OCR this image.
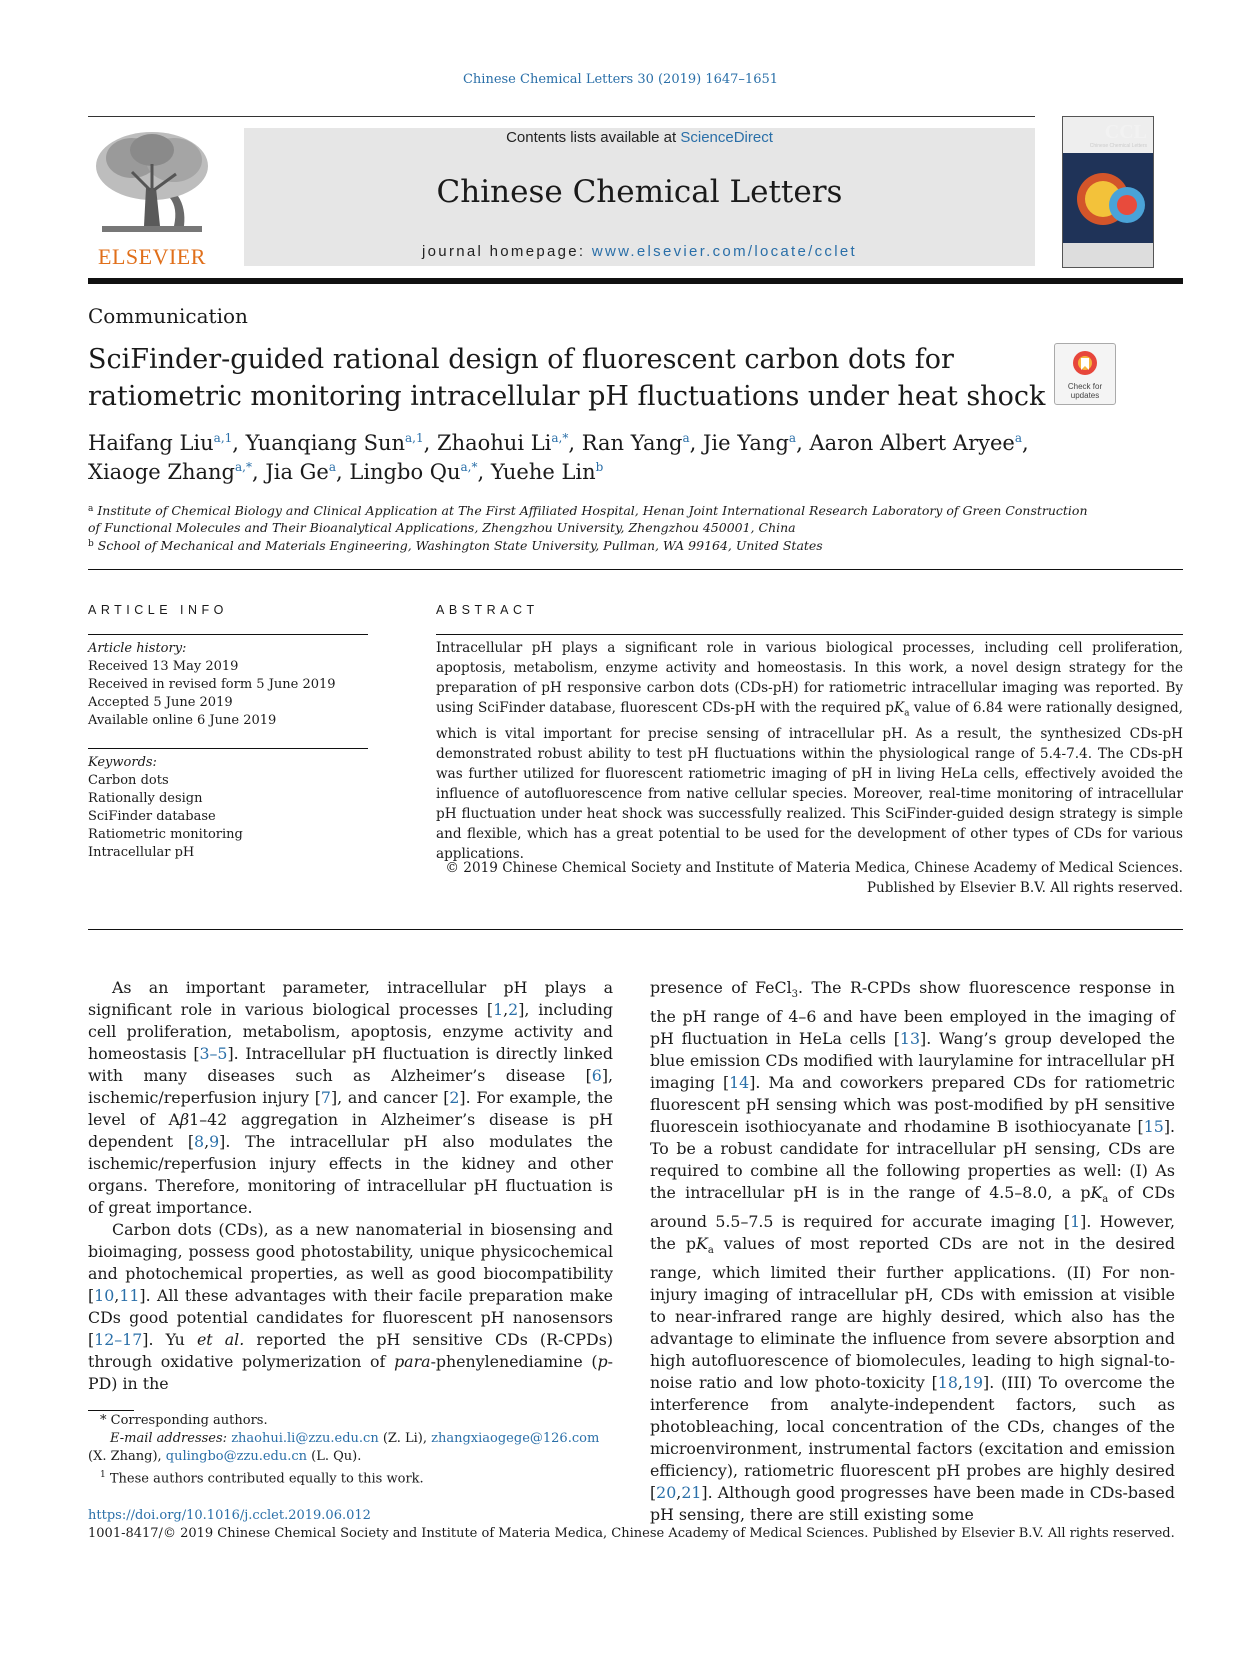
Chinese Chemical Letters 30 (2019) 1647–1651
ELSEVIER
Contents lists available at ScienceDirect
Chinese Chemical Letters
journal homepage: www.elsevier.com/locate/cclet
CCL
Chinese Chemical Letters
Communication
SciFinder-guided rational design of fluorescent carbon dots for ratiometric monitoring intracellular pH fluctuations under heat shock	Check for updates
Haifang Liu$^{a,1}$, Yuanqiang Sun$^{a,1}$, Zhaohui $Li^{a,*}$, Ran Yang$^a$, Jie Yang$^a$, Aaron Albert Aryee$^a$,
Xiaoge Zhang$^{a,*}$, Jia Ge$^a$, Lingbo $Qu^{a,*}$, Yuehe Lin$^b$
$^a$ Institute of Chemical Biology and Clinical Application at The First Affiliated Hospital, Henan Joint International Research Laboratory of Green Construction of Functional Molecules and Their Bioanalytical Applications, Zhengzhou University, Zhengzhou 450001, China
$^b$ School of Mechanical and Materials Engineering, Washington State University, Pullman, WA 99164, United States
ARTICLE INFO
Article history:
Received 13 May 2019
Received in revised form 5 June 2019
Accepted 5 June 2019
Available online 6 June 2019
Keywords:
Carbon dots
Rationally design
SciFinder database
Ratiometric monitoring
Intracellular pH
ABSTRACT
Intracellular pH plays a significant role in various biological processes, including cell proliferation, apoptosis, metabolism, enzyme activity and homeostasis. In this work, a novel design strategy for the preparation of pH responsive carbon dots (CDs-pH) for ratiometric intracellular imaging was reported. By using SciFinder database, fluorescent CDs-pH with the required $pK_a$ value of 6.84 were rationally designed, which is vital important for precise sensing of intracellular pH. As a result, the synthesized CDs-pH demonstrated robust ability to test pH fluctuations within the physiological range of 5.4-7.4. The CDs-pH was further utilized for fluorescent ratiometric imaging of pH in living HeLa cells, effectively avoided the influence of autofluorescence from native cellular species. Moreover, real-time monitoring of intracellular pH fluctuation under heat shock was successfully realized. This SciFinder-guided design strategy is simple and flexible, which has a great potential to be used for the development of other types of CDs for various applications.
© 2019 Chinese Chemical Society and Institute of Materia Medica, Chinese Academy of Medical Sciences.
Published by Elsevier B.V. All rights reserved.

As an important parameter, intracellular pH plays a significant role in various biological processes [1,2], including cell proliferation, metabolism, apoptosis, enzyme activity and homeostasis [3–5]. Intracellular pH fluctuation is directly linked with many diseases such as Alzheimer’s disease [6], ischemic/reperfusion injury [7], and cancer [2]. For example, the level of Aβ1–42 aggregation in Alzheimer’s disease is pH dependent [8,9]. The intracellular pH also modulates the ischemic/reperfusion injury effects in the kidney and other organs. Therefore, monitoring of intracellular pH fluctuation is of great importance.

Carbon dots (CDs), as a new nanomaterial in biosensing and bioimaging, possess good photostability, unique physicochemical and photochemical properties, as well as good biocompatibility [10,11]. All these advantages with their facile preparation make CDs good potential candidates for fluorescent pH nanosensors [12–17]. Yu et al. reported the pH sensitive CDs (R-CPDs) through oxidative polymerization of para-phenylenediamine (p-PD) in the

presence of FeCl$_3$. The R-CPDs show fluorescence response in the pH range of 4–6 and have been employed in the imaging of pH fluctuation in HeLa cells [13]. Wang’s group developed the blue emission CDs modified with laurylamine for intracellular pH imaging [14]. Ma and coworkers prepared CDs for ratiometric fluorescent pH sensing which was post-modified by pH sensitive fluorescein isothiocyanate and rhodamine B isothiocyanate [15]. To be a robust candidate for intracellular pH sensing, CDs are required to combine all the following properties as well: (I) As the intracellular pH is in the range of 4.5–8.0, a $pK_a$ of CDs around 5.5–7.5 is required for accurate imaging [1]. However, the $pK_a$ values of most reported CDs are not in the desired range, which limited their further applications. (II) For non-injury imaging of intracellular pH, CDs with emission at visible to near-infrared range are highly desired, which also has the advantage to eliminate the influence from severe absorption and high autofluorescence of biomolecules, leading to high signal-to-noise ratio and low photo-toxicity [18,19]. (III) To overcome the interference from analyte-independent factors, such as photobleaching, local concentration of the CDs, changes of the microenvironment, instrumental factors (excitation and emission efficiency), ratiometric fluorescent pH probes are highly desired [20,21]. Although good progresses have been made in CDs-based pH sensing, there are still existing some

* Corresponding authors.
E-mail addresses: zhaohui.li@zzu.edu.cn (Z. Li), zhangxiaogege@126.com
(X. Zhang), qulingbo@zzu.edu.cn (L. Qu).
$^1$ These authors contributed equally to this work.
https://doi.org/10.1016/j.cclet.2019.06.012
1001-8417/© 2019 Chinese Chemical Society and Institute of Materia Medica, Chinese Academy of Medical Sciences. Published by Elsevier B.V. All rights reserved.
